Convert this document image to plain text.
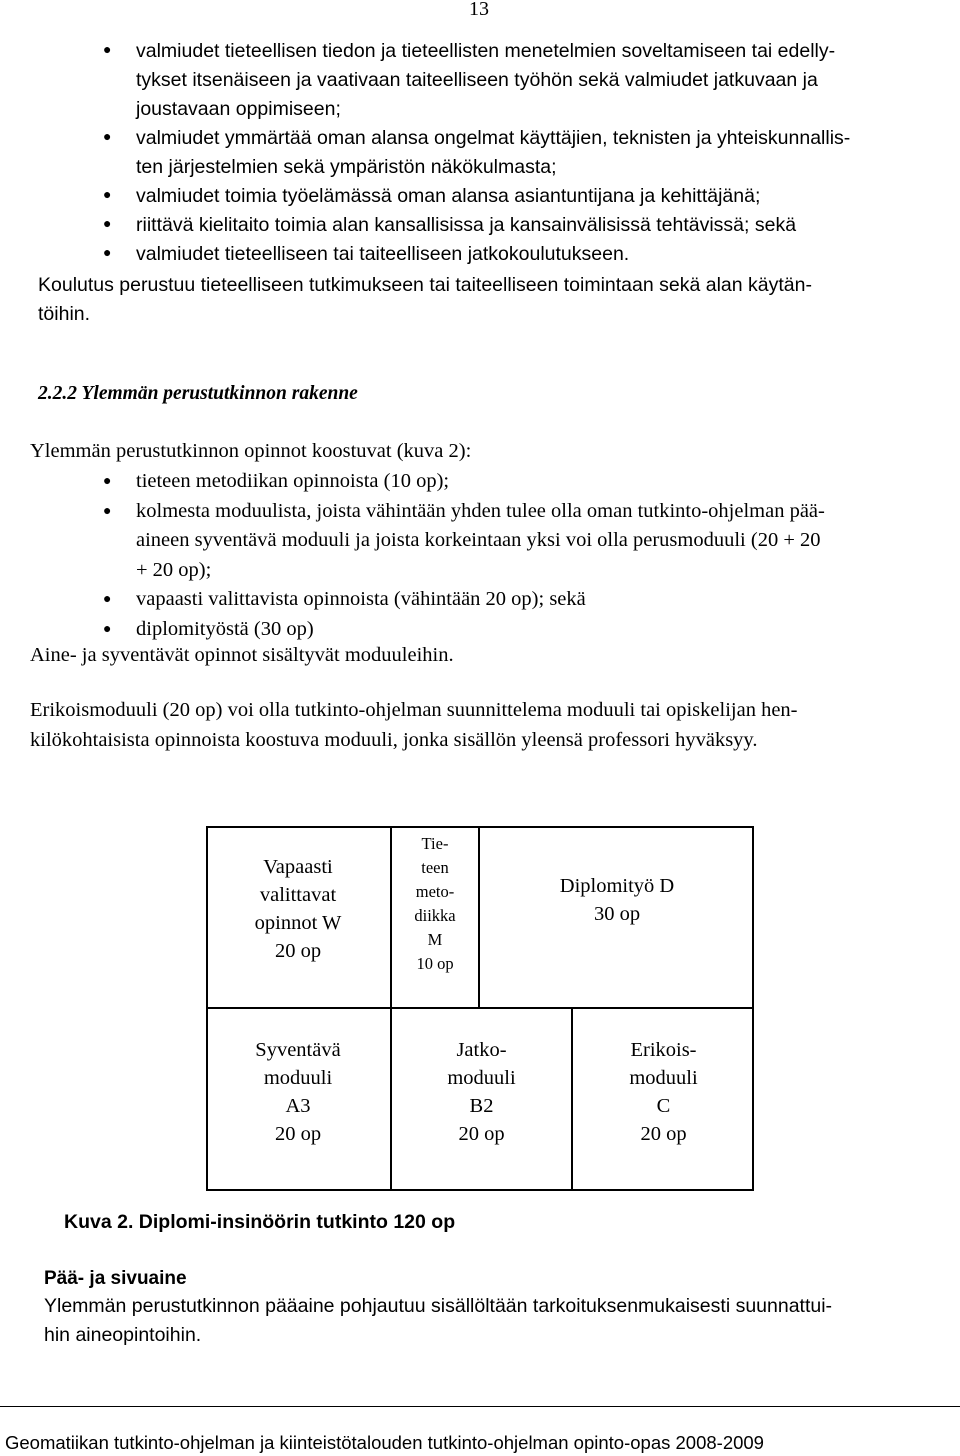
13
● valmiudet tieteellisen tiedon ja tieteellisten menetelmien soveltamiseen tai edelly-
tykset itsenäiseen ja vaativaan taiteelliseen työhön sekä valmiudet jatkuvaan ja
joustavaan oppimiseen;
● valmiudet ymmärtää oman alansa ongelmat käyttäjien, teknisten ja yhteiskunnallis-
ten järjestelmien sekä ympäristön näkökulmasta;
● valmiudet toimia työelämässä oman alansa asiantuntijana ja kehittäjänä;
● riittävä kielitaito toimia alan kansallisissa ja kansainvälisissä tehtävissä; sekä
● valmiudet tieteelliseen tai taiteelliseen jatkokoulutukseen.
Koulutus perustuu tieteelliseen tutkimukseen tai taiteelliseen toimintaan sekä alan käytän-
töihin.
2.2.2 Ylemmän perustutkinnon rakenne
Ylemmän perustutkinnon opinnot koostuvat (kuva 2):
● tieteen metodiikan opinnoista (10 op);
● kolmesta moduulista, joista vähintään yhden tulee olla oman tutkinto-ohjelman pää-
aineen syventävä moduuli ja joista korkeintaan yksi voi olla perusmoduuli (20 + 20
+ 20 op);
● vapaasti valittavista opinnoista (vähintään 20 op); sekä
● diplomityöstä (30 op)
Aine- ja syventävät opinnot sisältyvät moduuleihin.
Erikoismoduuli (20 op) voi olla tutkinto-ohjelman suunnittelema moduuli tai opiskelijan hen-
kilökohtaisista opinnoista koostuva moduuli, jonka sisällön yleensä professori hyväksyy.
Vapaasti
valittavat
opinnot W
20 op
Tie-
teen
meto-
diikka
M
10 op
Diplomityö D
30 op
Syventävä
moduuli
A3
20 op
Jatko-
moduuli
B2
20 op
Erikois-
moduuli
C
20 op
Kuva 2. Diplomi-insinöörin tutkinto 120 op
Pää- ja sivuaine
Ylemmän perustutkinnon pääaine pohjautuu sisällöltään tarkoituksenmukaisesti suunnattui-
hin aineopintoihin.
Geomatiikan tutkinto-ohjelman ja kiinteistötalouden tutkinto-ohjelman opinto-opas 2008-2009
